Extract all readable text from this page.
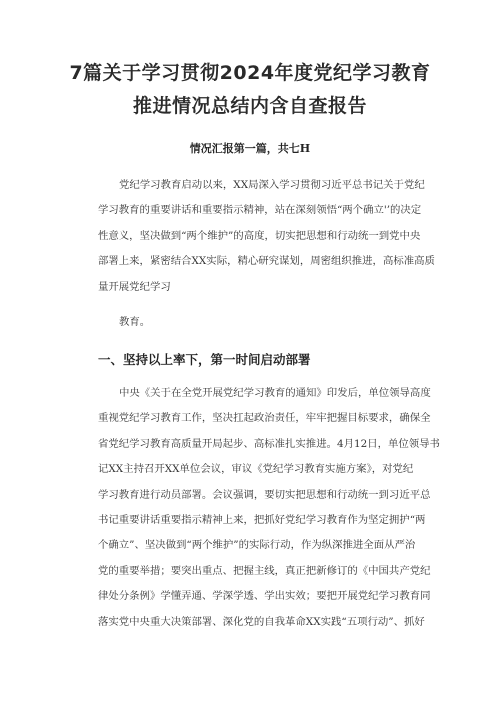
7篇关于学习贯彻2024年度党纪学习教育
推进情况总结内含自查报告

情况汇报第一篇，共七H

党纪学习教育启动以来，XX局深入学习贯彻习近平总书记关于党纪
学习教育的重要讲话和重要指示精神，站在深刻领悟“两个确立'’的决定
性意义，坚决做到“两个维护”的高度，切实把思想和行动统一到党中央
部署上来，紧密结合XX实际，精心研究谋划，周密组织推进，高标准高质
量开展党纪学习
教育。
一、坚持以上率下，第一时间启动部署
中央《关于在全党开展党纪学习教育的通知》印发后，单位领导高度
重视党纪学习教育工作，坚决扛起政治责任，牢牢把握目标要求，确保全
省党纪学习教育高质量开局起步、高标准扎实推进。4月12日，单位领导书
记XX主持召开XX单位会议，审议《党纪学习教育实施方案》，对党纪
学习教育进行动员部署。会议强调，要切实把思想和行动统一到习近平总
书记重要讲话重要指示精神上来，把抓好党纪学习教育作为坚定拥护“两
个确立”、坚决做到“两个维护”的实际行动，作为纵深推进全面从严治
党的重要举措；要突出重点、把握主线，真正把新修订的《中国共产党纪
律处分条例》学懂弄通、学深学透、学出实效；要把开展党纪学习教育同
落实党中央重大决策部署、深化党的自我革命XX实践“五项行动”、抓好
